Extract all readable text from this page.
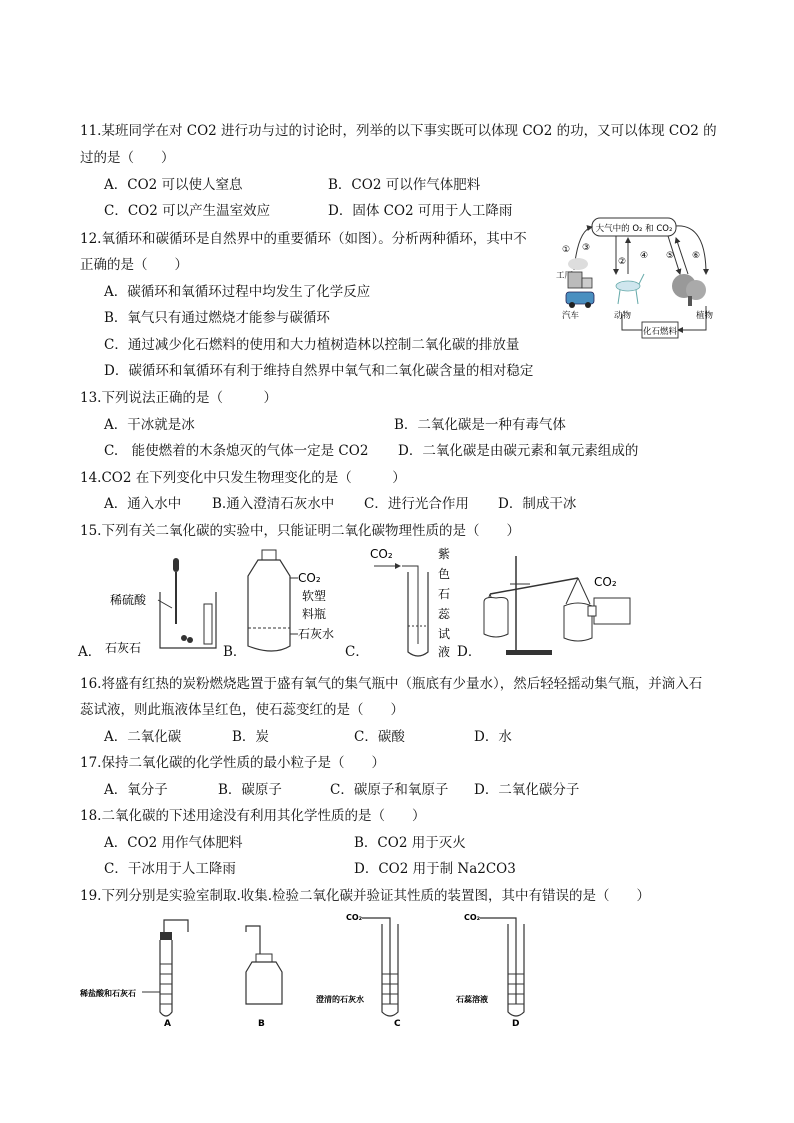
11.某班同学在对 CO2 进行功与过的讨论时，列举的以下事实既可以体现 CO2 的功，又可以体现 CO2 的
过的是（　　）
A．CO2 可以使人窒息	B．CO2 可以作气体肥料
C．CO2 可以产生温室效应	D．固体 CO2 可用于人工降雨
12.氧循环和碳循环是自然界中的重要循环（如图）。分析两种循环，其中不
正确的是（　　）
A．碳循环和氧循环过程中均发生了化学反应
B．氧气只有通过燃烧才能参与碳循环
C．通过减少化石燃料的使用和大力植树造林以控制二氧化碳的排放量
D．碳循环和氧循环有利于维持自然界中氧气和二氧化碳含量的相对稳定
大气中的 O₂ 和 CO₂
①
②
③
④ ⑤ ⑥
工厂
汽车	动物	植物
化石燃料
13.下列说法正确的是（　　　）
A．干冰就是冰	B．二氧化碳是一种有毒气体
C.　能使燃着的木条熄灭的气体一定是 CO2 D．二氧化碳是由碳元素和氧元素组成的
14.CO2 在下列变化中只发生物理变化的是（　　　）
A．通入水中 B.通入澄清石灰水中 C．进行光合作用 D．制成干冰
15.下列有关二氧化碳的实验中，只能证明二氧化碳物理性质的是（　　）
A．
稀硫酸
石灰石	B．
CO₂
软塑
料瓶
石灰水
C．
CO₂	紫
色
石
蕊
试
液 D．
CO₂
16.将盛有红热的炭粉燃烧匙置于盛有氧气的集气瓶中（瓶底有少量水），然后轻轻摇动集气瓶，并滴入石
蕊试液，则此瓶液体呈红色，使石蕊变红的是（　　）
A．二氧化碳	B．炭	C．碳酸	D．水
17.保持二氧化碳的化学性质的最小粒子是（　　）
A．氧分子	B．碳原子	C．碳原子和氧原子 D．二氧化碳分子
18.二氧化碳的下述用途没有利用其化学性质的是（　　）
A．CO2 用作气体肥料	B．CO2 用于灭火
C．干冰用于人工降雨	D．CO2 用于制 Na2CO3
19.下列分别是实验室制取.收集.检验二氧化碳并验证其性质的装置图，其中有错误的是（　　）
稀盐酸和石灰石
A	B
CO₂
澄清的石灰水
C
CO₂
石蕊溶液
D
